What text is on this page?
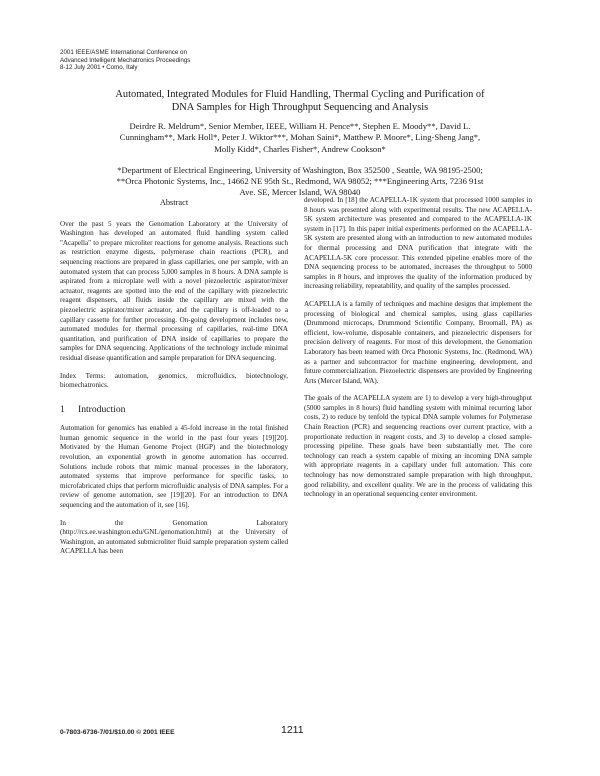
2001 IEEE/ASME International Conference on
Advanced Intelligent Mechatronics Proceedings
8-12 July 2001 • Como, Italy
Automated, Integrated Modules for Fluid Handling, Thermal Cycling and Purification of
DNA Samples for High Throughput Sequencing and Analysis
Deirdre R. Meldrum*, Senior Member, IEEE, William H. Pence**, Stephen E. Moody**, David L.
Cunningham**, Mark Holl*, Peter J. Wiktor***, Mohan Saini*, Matthew P. Moore*, Ling-Sheng Jang*,
Molly Kidd*, Charles Fisher*, Andrew Cookson*
*Department of Electrical Engineering, University of Washington, Box 352500 , Seattle, WA 98195-2500;
**Orca Photonic Systems, Inc., 14662 NE 95th St., Redmond, WA 98052; ***Engineering Arts, 7236 91st
Ave. SE, Mercer Island, WA 98040
Abstract

Over the past 5 years the Genomation Laboratory at the University of Washington has developed an automated fluid handling system called "Acapella" to prepare microliter reactions for genome analysis. Reactions such as restriction enzyme digests, polymerase chain reactions (PCR), and sequencing reactions are prepared in glass capillaries, one per sample, with an automated system that can process 5,000 samples in 8 hours. A DNA sample is aspirated from a microplate well with a novel piezoelectric aspirator/mixer actuator, reagents are spotted into the end of the capillary with piezoelectric reagent dispensers, all fluids inside the capillary are mixed with the piezoelectric aspirator/mixer actuator, and the capillary is off-loaded to a capillary cassette for further processing. On-going development includes new, automated modules for thermal processing of capillaries, real-time DNA quantitation, and purification of DNA inside of capillaries to prepare the samples for DNA sequencing. Applications of the technology include minimal residual disease quantification and sample preparation for DNA sequencing.

Index Terms: automation, genomics, microfluidics, biotechnology, biomechatronics.

1 Introduction

Automation for genomics has enabled a 45-fold increase in the total finished human genomic sequence in the world in the past four years [19][20]. Motivated by the Human Genome Project (HGP) and the biotechnology revolution, an exponential growth in genome automation has occurred. Solutions include robots that mimic manual processes in the laboratory, automated systems that improve performance for specific tasks, to microfabricated chips that perform microfluidic analysis of DNA samples. For a review of genome automation, see [19][20]. For an introduction to DNA sequencing and the automation of it, see [16].

In the Genomation Laboratory (http://rcs.ee.washington.edu/GNL/genomation.html) at the University of Washington, an automated submicroliter fluid sample preparation system called ACAPELLA has been

developed. In [18] the ACAPELLA-1K system that processed 1000 samples in 8 hours was presented along with experimental results. The new ACAPELLA-5K system architecture was presented and compared to the ACAPELLA-1K system in [17]. In this paper initial experiments performed on the ACAPELLA-5K system are presented along with an introduction to new automated modules for thermal processing and DNA purification that integrate with the ACAPELLA-5K core processor. This extended pipeline enables more of the DNA sequencing process to be automated, increases the throughput to 5000 samples in 8 hours, and improves the quality of the information produced by increasing reliability, repeatability, and quality of the samples processed.

ACAPELLA is a family of techniques and machine designs that implement the processing of biological and chemical samples, using glass capillaries (Drummond microcaps, Drummond Scientific Company, Broomall, PA) as efficient, low-volume, disposable containers, and piezoelectric dispensers for precision delivery of reagents. For most of this development, the Genomation Laboratory has been teamed with Orca Photonic Systems, Inc. (Redmond, WA) as a partner and subcontractor for machine engineering, development, and future commercialization. Piezoelectric dispensers are provided by Engineering Arts (Mercer Island, WA).

The goals of the ACAPELLA system are 1) to develop a very high-throughput (5000 samples in 8 hours) fluid handling system with minimal recurring labor costs, 2) to reduce by tenfold the typical DNA sample volumes for Polymerase Chain Reaction (PCR) and sequencing reactions over current practice, with a proportionate reduction in reagent costs, and 3) to develop a closed sample-processing pipeline. These goals have been substantially met. The core technology can reach a system capable of mixing an incoming DNA sample with appropriate reagents in a capillary under full automation. This core technology has now demonstrated sample preparation with high throughput, good reliability, and excellent quality. We are in the process of validating this technology in an operational sequencing center environment.

0-7803-6736-7/01/$10.00 © 2001 IEEE	1211
